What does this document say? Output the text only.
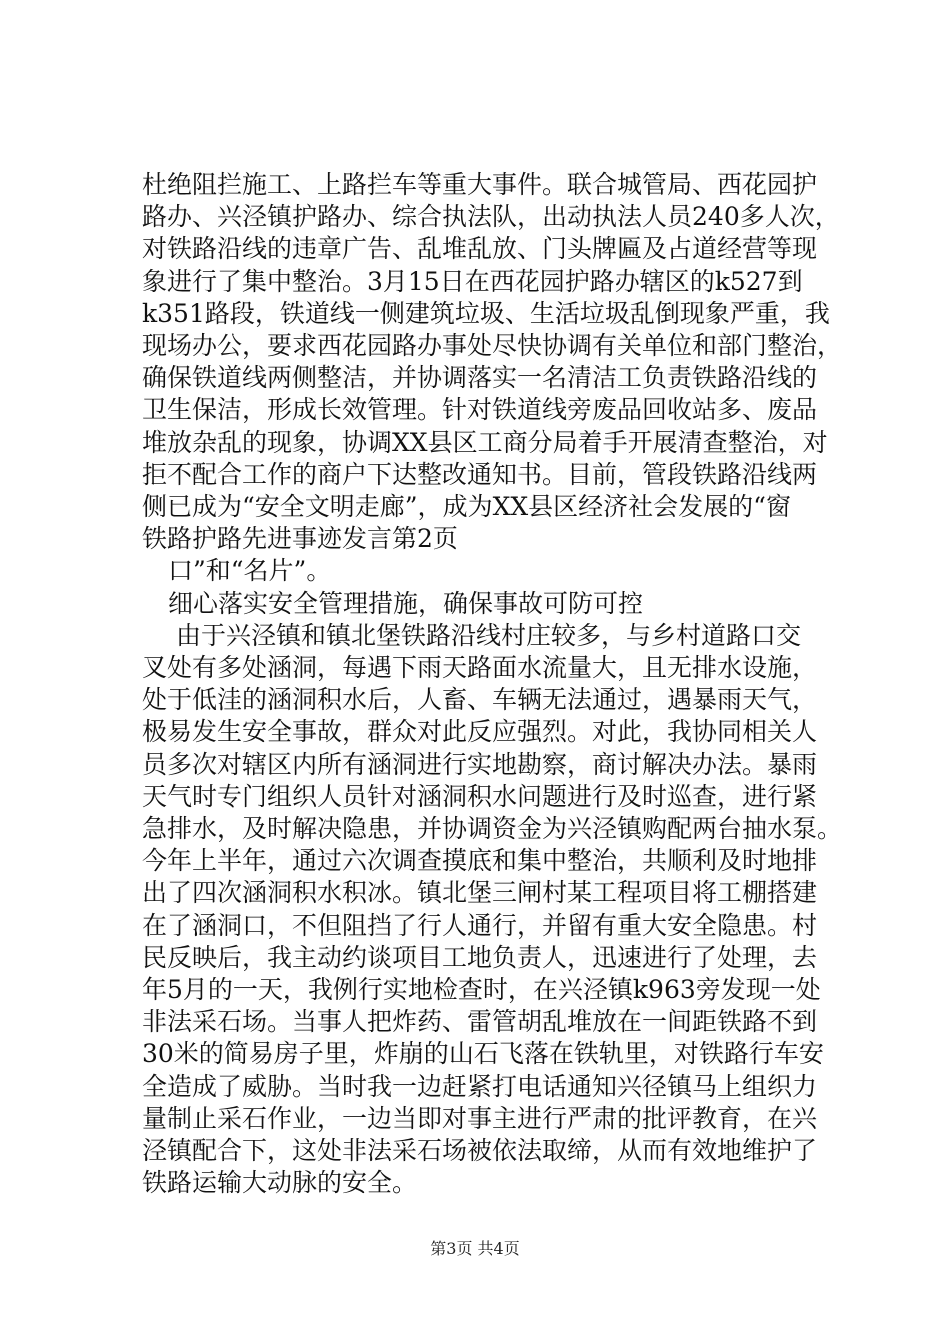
杜绝阻拦施工、上路拦车等重大事件。联合城管局、西花园护
路办、兴泾镇护路办、综合执法队，出动执法人员240多人次，
对铁路沿线的违章广告、乱堆乱放、门头牌匾及占道经营等现
象进行了集中整治。3月15日在西花园护路办辖区的k527到
k351路段，铁道线一侧建筑垃圾、生活垃圾乱倒现象严重，我
现场办公，要求西花园路办事处尽快协调有关单位和部门整治，
确保铁道线两侧整洁，并协调落实一名清洁工负责铁路沿线的
卫生保洁，形成长效管理。针对铁道线旁废品回收站多、废品
堆放杂乱的现象，协调XX县区工商分局着手开展清查整治，对
拒不配合工作的商户下达整改通知书。目前，管段铁路沿线两
侧已成为“安全文明走廊”，成为XX县区经济社会发展的“窗
铁路护路先进事迹发言第2页
口”和“名片”。
细心落实安全管理措施，确保事故可防可控
由于兴泾镇和镇北堡铁路沿线村庄较多，与乡村道路口交
叉处有多处涵洞，每遇下雨天路面水流量大，且无排水设施，
处于低洼的涵洞积水后，人畜、车辆无法通过，遇暴雨天气，
极易发生安全事故，群众对此反应强烈。对此，我协同相关人
员多次对辖区内所有涵洞进行实地勘察，商讨解决办法。暴雨
天气时专门组织人员针对涵洞积水问题进行及时巡查，进行紧
急排水，及时解决隐患，并协调资金为兴泾镇购配两台抽水泵。
今年上半年，通过六次调查摸底和集中整治，共顺利及时地排
出了四次涵洞积水积冰。镇北堡三闸村某工程项目将工棚搭建
在了涵洞口，不但阻挡了行人通行，并留有重大安全隐患。村
民反映后，我主动约谈项目工地负责人，迅速进行了处理，去
年5月的一天，我例行实地检查时，在兴泾镇k963旁发现一处
非法采石场。当事人把炸药、雷管胡乱堆放在一间距铁路不到
30米的简易房子里，炸崩的山石飞落在铁轨里，对铁路行车安
全造成了威胁。当时我一边赶紧打电话通知兴径镇马上组织力
量制止采石作业，一边当即对事主进行严肃的批评教育，在兴
泾镇配合下，这处非法采石场被依法取缔，从而有效地维护了
铁路运输大动脉的安全。
第3页 共4页
